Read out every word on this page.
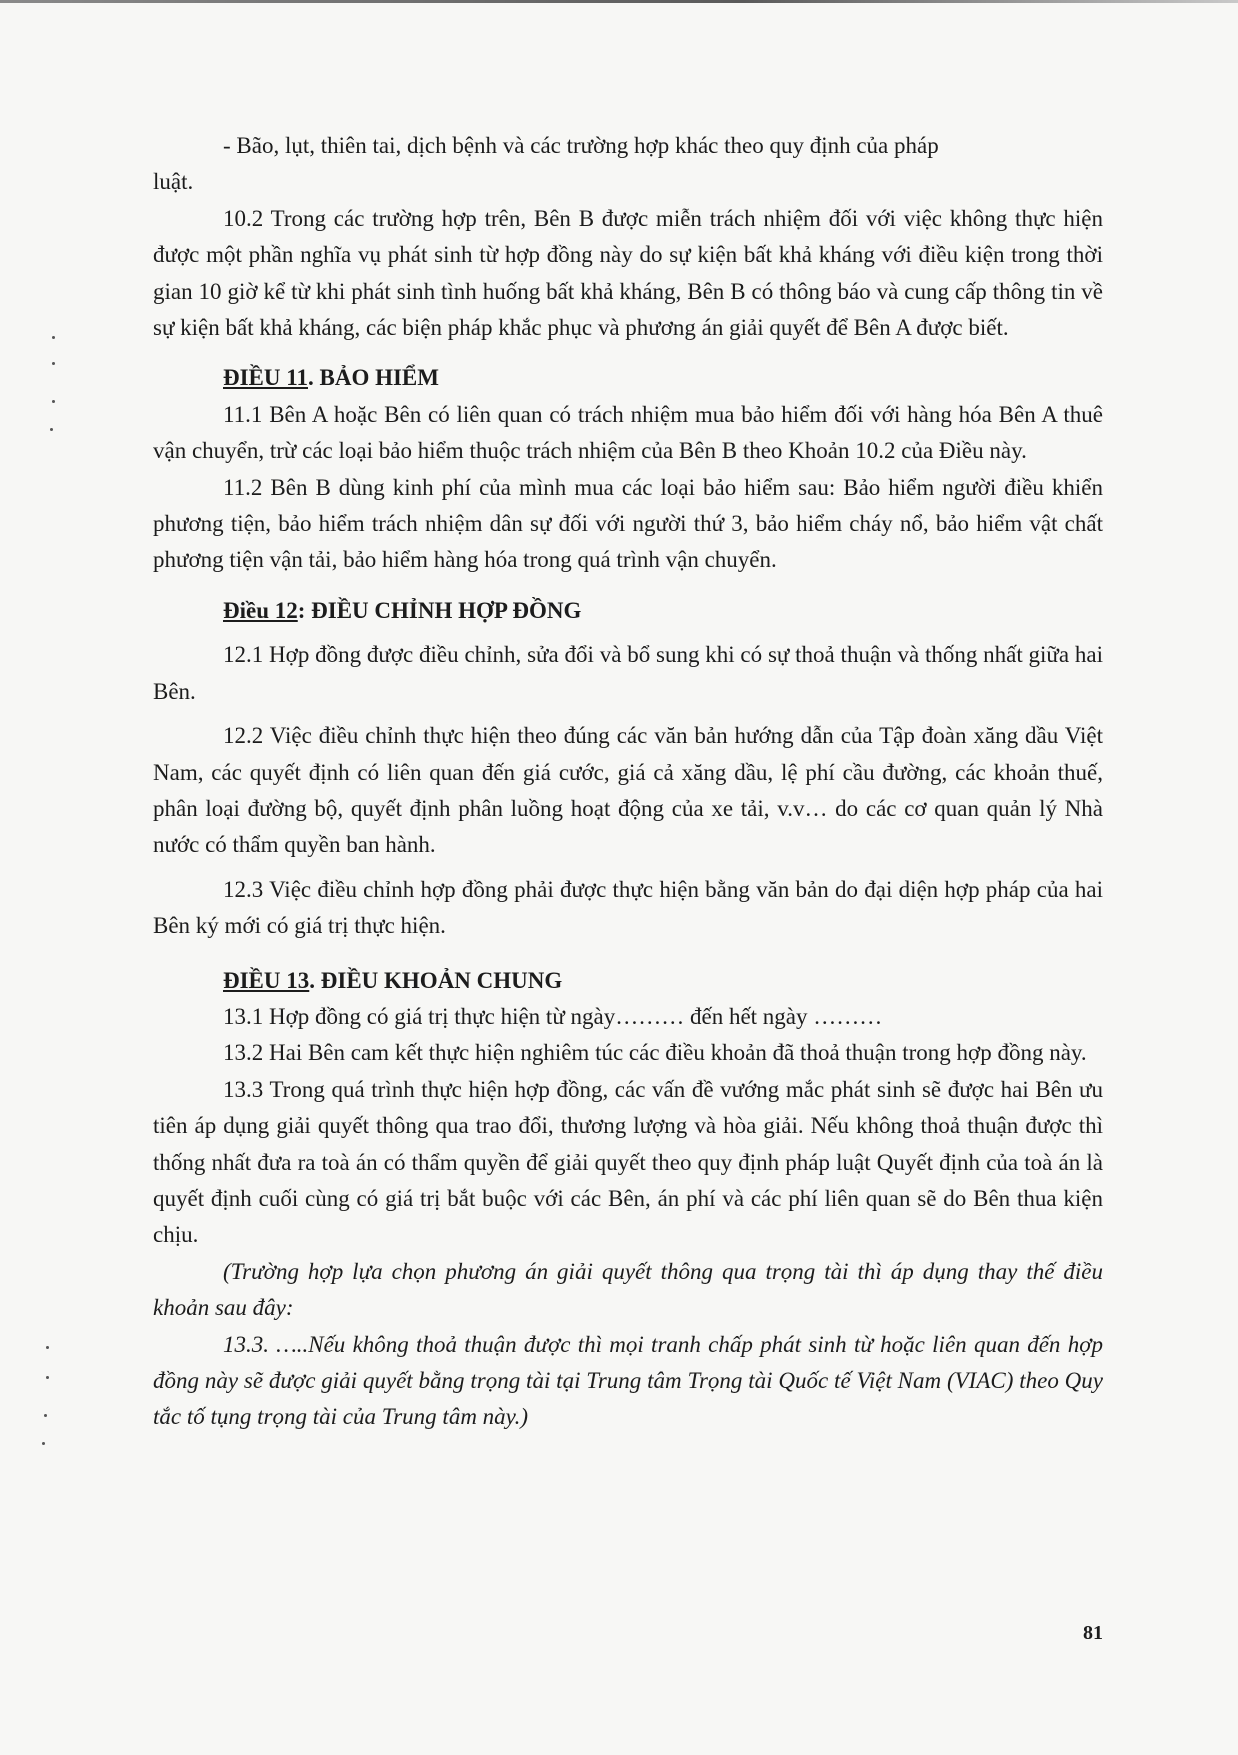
- Bão, lụt, thiên tai, dịch bệnh và các trường hợp khác theo quy định của pháp

luật.

10.2 Trong các trường hợp trên, Bên B được miễn trách nhiệm đối với việc không thực hiện được một phần nghĩa vụ phát sinh từ hợp đồng này do sự kiện bất khả kháng với điều kiện trong thời gian 10 giờ kể từ khi phát sinh tình huống bất khả kháng, Bên B có thông báo và cung cấp thông tin về sự kiện bất khả kháng, các biện pháp khắc phục và phương án giải quyết để Bên A được biết.

ĐIỀU 11. BẢO HIỂM

11.1 Bên A hoặc Bên có liên quan có trách nhiệm mua bảo hiểm đối với hàng hóa Bên A thuê vận chuyển, trừ các loại bảo hiểm thuộc trách nhiệm của Bên B theo Khoản 10.2 của Điều này.

11.2 Bên B dùng kinh phí của mình mua các loại bảo hiểm sau: Bảo hiểm người điều khiển phương tiện, bảo hiểm trách nhiệm dân sự đối với người thứ 3, bảo hiểm cháy nổ, bảo hiểm vật chất phương tiện vận tải, bảo hiểm hàng hóa trong quá trình vận chuyển.

Điều 12: ĐIỀU CHỈNH HỢP ĐỒNG

12.1 Hợp đồng được điều chỉnh, sửa đổi và bổ sung khi có sự thoả thuận và thống nhất giữa hai Bên.

12.2 Việc điều chỉnh thực hiện theo đúng các văn bản hướng dẫn của Tập đoàn xăng dầu Việt Nam, các quyết định có liên quan đến giá cước, giá cả xăng dầu, lệ phí cầu đường, các khoản thuế, phân loại đường bộ, quyết định phân luồng hoạt động của xe tải, v.v… do các cơ quan quản lý Nhà nước có thẩm quyền ban hành.

12.3 Việc điều chỉnh hợp đồng phải được thực hiện bằng văn bản do đại diện hợp pháp của hai Bên ký mới có giá trị thực hiện.

ĐIỀU 13. ĐIỀU KHOẢN CHUNG

13.1 Hợp đồng có giá trị thực hiện từ ngày……… đến hết ngày ………

13.2 Hai Bên cam kết thực hiện nghiêm túc các điều khoản đã thoả thuận trong hợp đồng này.

13.3 Trong quá trình thực hiện hợp đồng, các vấn đề vướng mắc phát sinh sẽ được hai Bên ưu tiên áp dụng giải quyết thông qua trao đổi, thương lượng và hòa giải. Nếu không thoả thuận được thì thống nhất đưa ra toà án có thẩm quyền để giải quyết theo quy định pháp luật Quyết định của toà án là quyết định cuối cùng có giá trị bắt buộc với các Bên, án phí và các phí liên quan sẽ do Bên thua kiện chịu.

(Trường hợp lựa chọn phương án giải quyết thông qua trọng tài thì áp dụng thay thế điều khoản sau đây:

13.3. …..Nếu không thoả thuận được thì mọi tranh chấp phát sinh từ hoặc liên quan đến hợp đồng này sẽ được giải quyết bằng trọng tài tại Trung tâm Trọng tài Quốc tế Việt Nam (VIAC) theo Quy tắc tố tụng trọng tài của Trung tâm này.)

81
